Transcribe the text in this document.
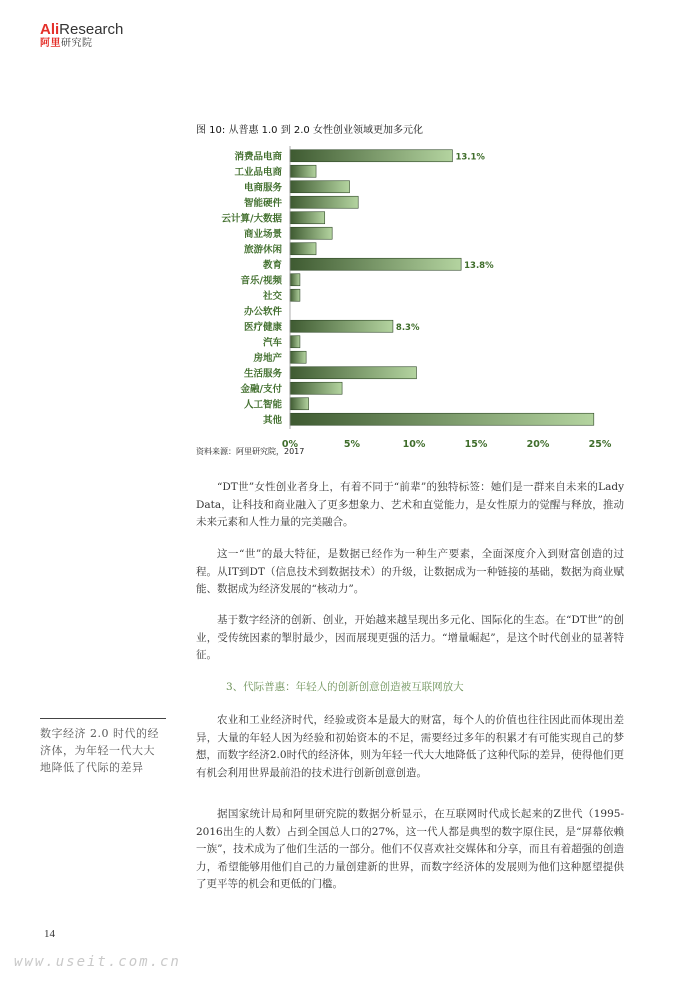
AliResearch
阿里研究院
图 10: 从普惠 1.0 到 2.0 女性创业领域更加多元化
消费品电商	13.1%
工业品电商
电商服务
智能硬件
云计算/大数据
商业场景
旅游休闲
教育	13.8%
音乐/视频
社交
办公软件
医疗健康	8.3%
汽车
房地产
生活服务
金融/支付
人工智能
其他
0%	5%	10%	15%	20%	25%
资料来源：阿里研究院，2017

“DT世”女性创业者身上，有着不同于“前辈”的独特标签：她们是一群来自未来的Lady Data，让科技和商业融入了更多想象力、艺术和直觉能力，是女性原力的觉醒与释放，推动未来元素和人性力量的完美融合。

这一“世”的最大特征，是数据已经作为一种生产要素，全面深度介入到财富创造的过程。从IT到DT（信息技术到数据技术）的升级，让数据成为一种链接的基础，数据为商业赋能、数据成为经济发展的“核动力”。

基于数字经济的创新、创业，开始越来越呈现出多元化、国际化的生态。在“DT世”的创业，受传统因素的掣肘最少，因而展现更强的活力。“增量崛起”，是这个时代创业的显著特征。

3、代际普惠：年轻人的创新创意创造被互联网放大

农业和工业经济时代，经验或资本是最大的财富，每个人的价值也往往因此而体现出差异，大量的年轻人因为经验和初始资本的不足，需要经过多年的积累才有可能实现自己的梦想，而数字经济2.0时代的经济体，则为年轻一代大大地降低了这种代际的差异，使得他们更有机会利用世界最前沿的技术进行创新创意创造。

据国家统计局和阿里研究院的数据分析显示，在互联网时代成长起来的Z世代（1995-2016出生的人数）占到全国总人口的27%，这一代人都是典型的数字原住民，是“屏幕依赖一族”，技术成为了他们生活的一部分。他们不仅喜欢社交媒体和分享，而且有着超强的创造力，希望能够用他们自己的力量创建新的世界，而数字经济体的发展则为他们这种愿望提供了更平等的机会和更低的门槛。

数字经济 2.0 时代的经济体，为年轻一代大大地降低了代际的差异
14
www.useit.com.cn
